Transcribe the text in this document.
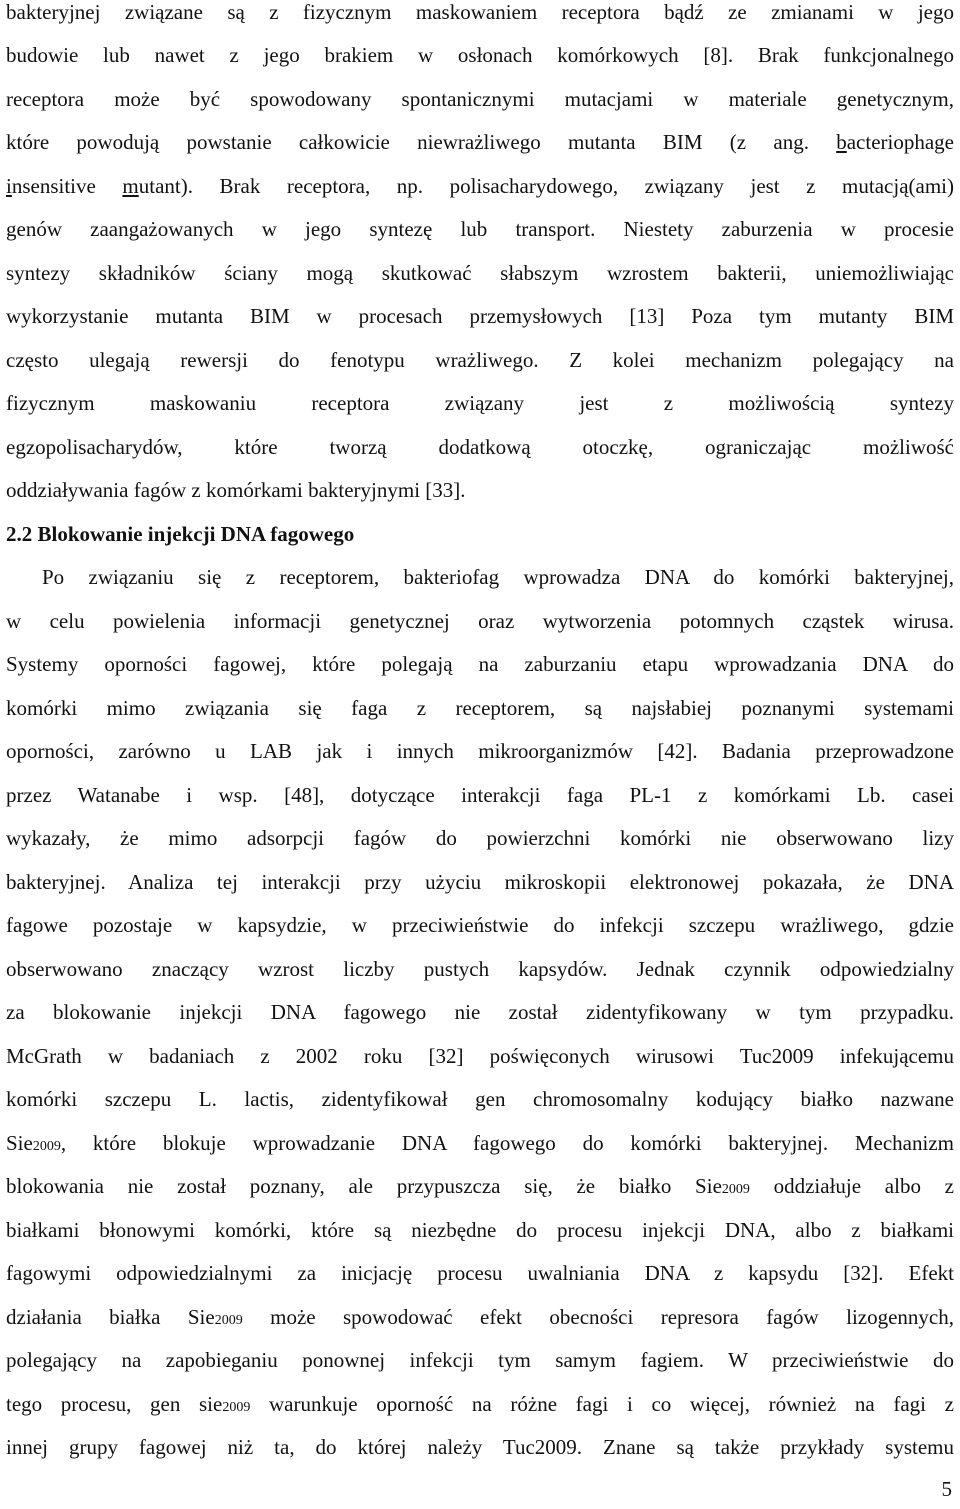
bakteryjnej związane są z fizycznym maskowaniem receptora bądź ze zmianami w jego
budowie lub nawet z jego brakiem w osłonach komórkowych [8]. Brak funkcjonalnego
receptora może być spowodowany spontanicznymi mutacjami w materiale genetycznym,
które powodują powstanie całkowicie niewrażliwego mutanta BIM (z ang. bacteriophage
insensitive mutant). Brak receptora, np. polisacharydowego, związany jest z mutacją(ami)
genów zaangażowanych w jego syntezę lub transport. Niestety zaburzenia w procesie
syntezy składników ściany mogą skutkować słabszym wzrostem bakterii, uniemożliwiając
wykorzystanie mutanta BIM w procesach przemysłowych [13] Poza tym mutanty BIM
często ulegają rewersji do fenotypu wrażliwego. Z kolei mechanizm polegający na
fizycznym maskowaniu receptora związany jest z możliwością syntezy
egzopolisacharydów, które tworzą dodatkową otoczkę, ograniczając możliwość
oddziaływania fagów z komórkami bakteryjnymi [33].
2.2 Blokowanie injekcji DNA fagowego
Po związaniu się z receptorem, bakteriofag wprowadza DNA do komórki bakteryjnej,
w celu powielenia informacji genetycznej oraz wytworzenia potomnych cząstek wirusa.
Systemy oporności fagowej, które polegają na zaburzaniu etapu wprowadzania DNA do
komórki mimo związania się faga z receptorem, są najsłabiej poznanymi systemami
oporności, zarówno u LAB jak i innych mikroorganizmów [42]. Badania przeprowadzone
przez Watanabe i wsp. [48], dotyczące interakcji faga PL-1 z komórkami Lb. casei
wykazały, że mimo adsorpcji fagów do powierzchni komórki nie obserwowano lizy
bakteryjnej. Analiza tej interakcji przy użyciu mikroskopii elektronowej pokazała, że DNA
fagowe pozostaje w kapsydzie, w przeciwieństwie do infekcji szczepu wrażliwego, gdzie
obserwowano znaczący wzrost liczby pustych kapsydów. Jednak czynnik odpowiedzialny
za blokowanie injekcji DNA fagowego nie został zidentyfikowany w tym przypadku.
McGrath w badaniach z 2002 roku [32] poświęconych wirusowi Tuc2009 infekującemu
komórki szczepu L. lactis, zidentyfikował gen chromosomalny kodujący białko nazwane
Sie2009, które blokuje wprowadzanie DNA fagowego do komórki bakteryjnej. Mechanizm
blokowania nie został poznany, ale przypuszcza się, że białko Sie2009 oddziałuje albo z
białkami błonowymi komórki, które są niezbędne do procesu injekcji DNA, albo z białkami
fagowymi odpowiedzialnymi za inicjację procesu uwalniania DNA z kapsydu [32]. Efekt
działania białka Sie2009 może spowodować efekt obecności represora fagów lizogennych,
polegający na zapobieganiu ponownej infekcji tym samym fagiem. W przeciwieństwie do
tego procesu, gen sie2009 warunkuje oporność na różne fagi i co więcej, również na fagi z
innej grupy fagowej niż ta, do której należy Tuc2009. Znane są także przykłady systemu
5
